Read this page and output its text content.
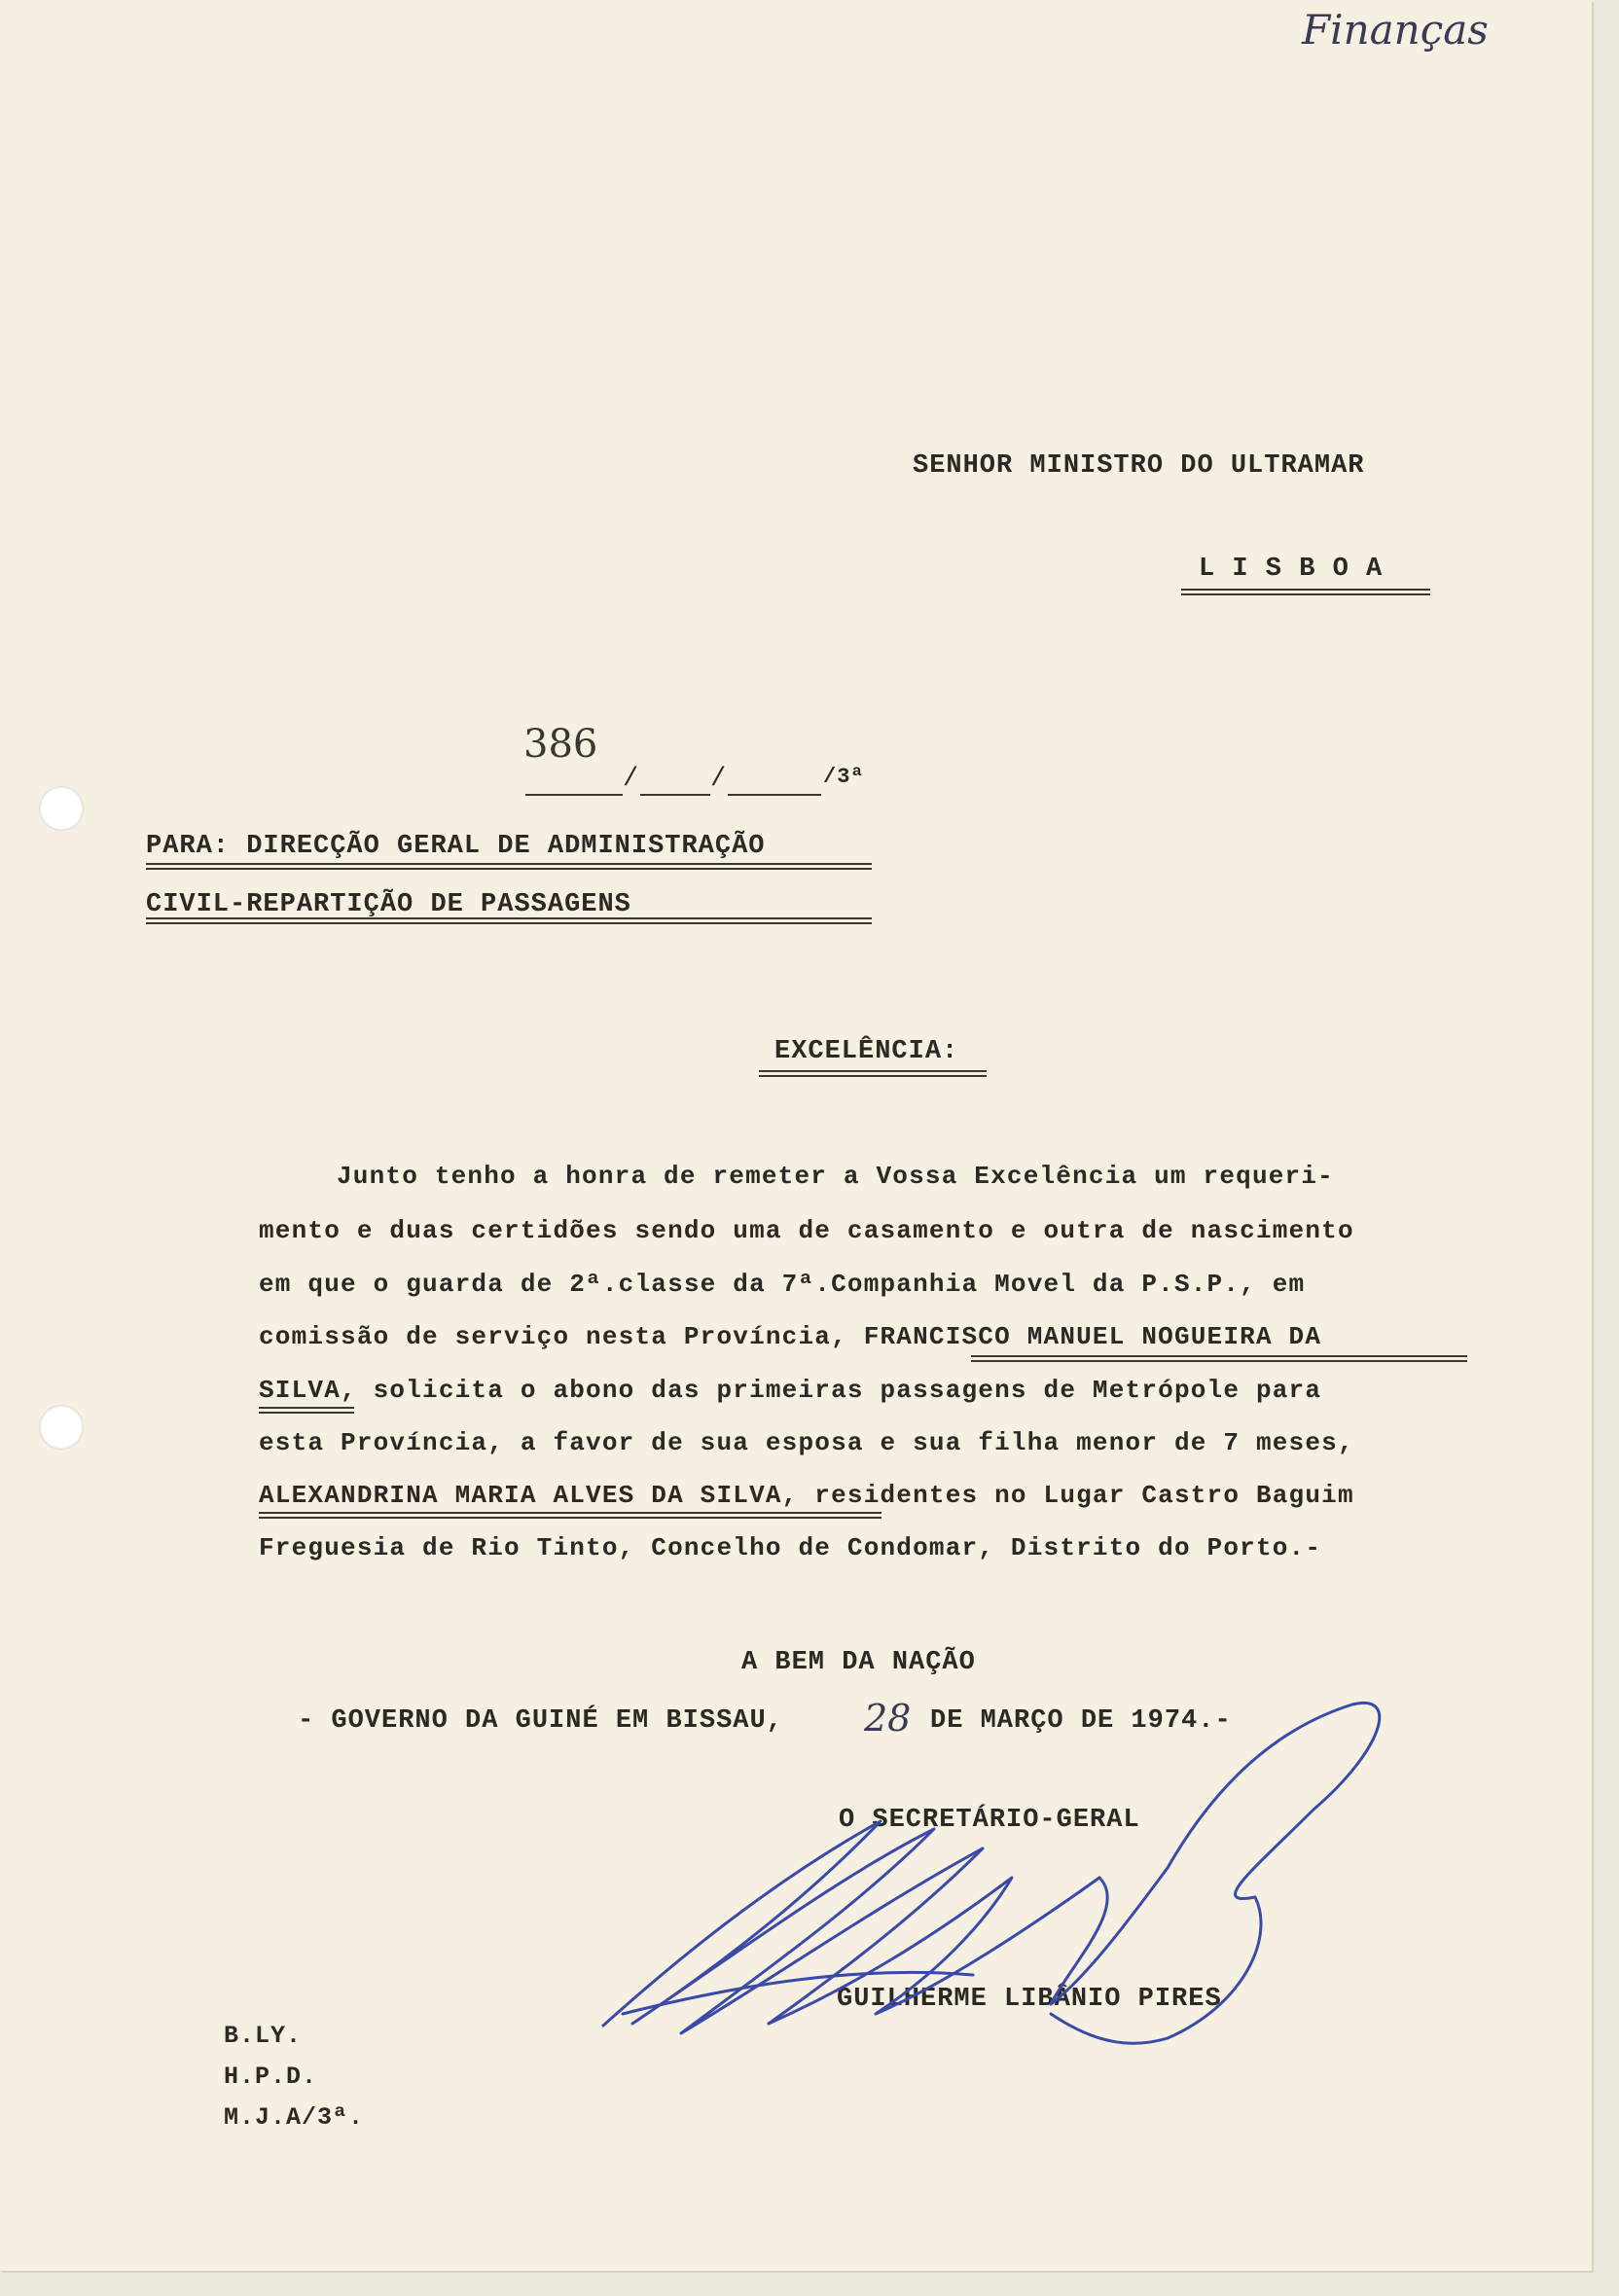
Finanças
SENHOR MINISTRO DO ULTRAMAR
L I S B O A
386
/	/	/3ª
PARA: DIRECÇÃO GERAL DE ADMINISTRAÇÃO
CIVIL-REPARTIÇÃO DE PASSAGENS
EXCELÊNCIA:
Junto tenho a honra de remeter a Vossa Excelência um requeri-
mento e duas certidões sendo uma de casamento e outra de nascimento
em que o guarda de 2ª.classe da 7ª.Companhia Movel da P.S.P., em
comissão de serviço nesta Província, FRANCISCO MANUEL NOGUEIRA DA
SILVA, solicita o abono das primeiras passagens de Metrópole para
esta Província, a favor de sua esposa e sua filha menor de 7 meses,
ALEXANDRINA MARIA ALVES DA SILVA, residentes no Lugar Castro Baguim
Freguesia de Rio Tinto, Concelho de Condomar, Distrito do Porto.-
A BEM DA NAÇÃO
- GOVERNO DA GUINÉ EM BISSAU, 28 DE MARÇO DE 1974.-
O SECRETÁRIO-GERAL
GUILHERME LIBÂNIO PIRES
B.LY.
H.P.D.
M.J.A/3ª.
